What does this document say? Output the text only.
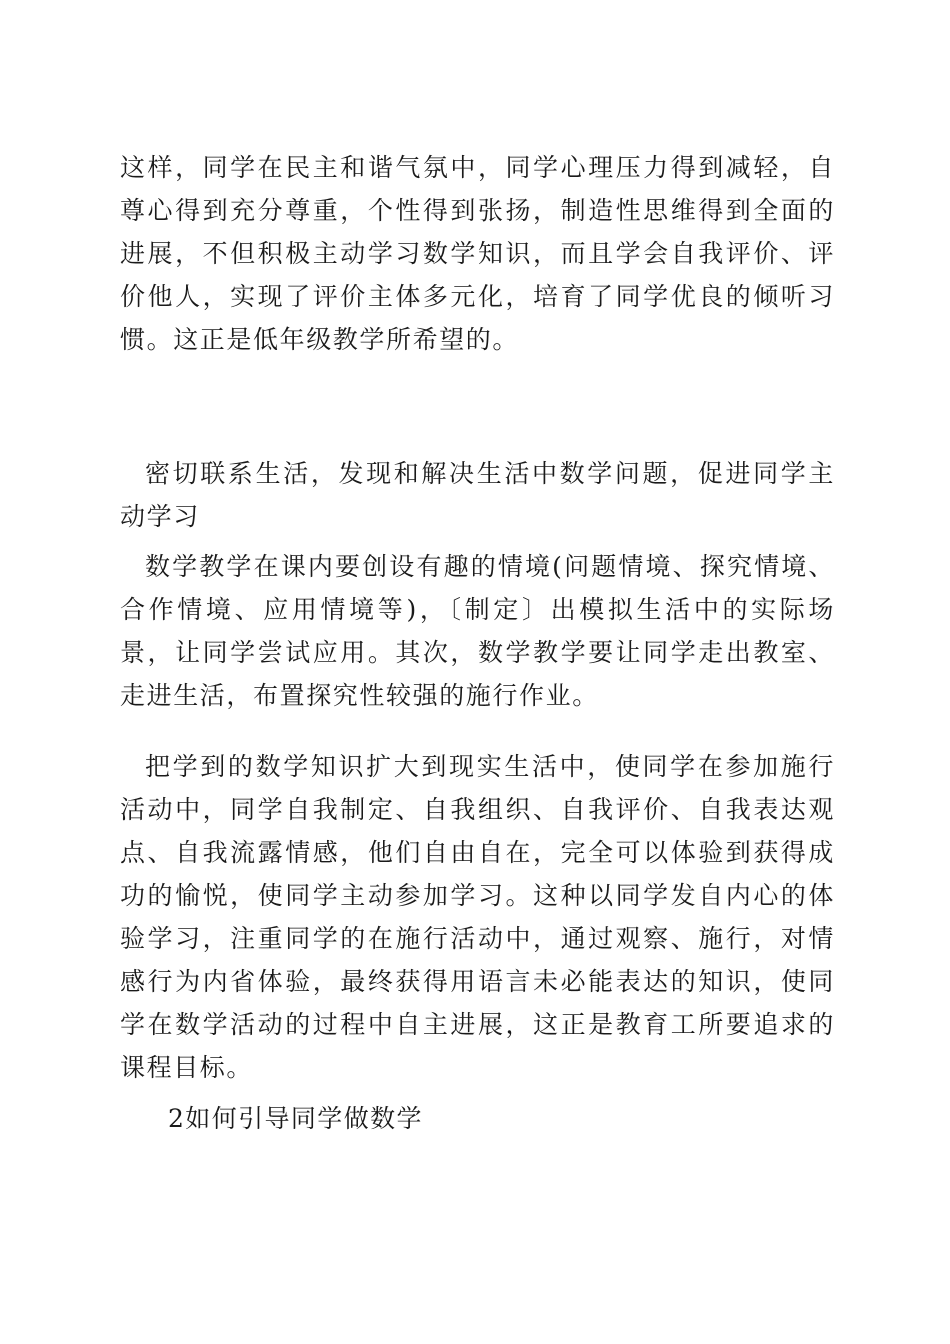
这样，同学在民主和谐气氛中，同学心理压力得到减轻，自尊心得到充分尊重，个性得到张扬，制造性思维得到全面的进展，不但积极主动学习数学知识，而且学会自我评价、评价他人，实现了评价主体多元化，培育了同学优良的倾听习惯。这正是低年级教学所希望的。

密切联系生活，发现和解决生活中数学问题，促进同学主动学习

数学教学在课内要创设有趣的情境(问题情境、探究情境、合作情境、应用情境等)，〔制定〕出模拟生活中的实际场景，让同学尝试应用。其次，数学教学要让同学走出教室、走进生活，布置探究性较强的施行作业。

把学到的数学知识扩大到现实生活中，使同学在参加施行活动中，同学自我制定、自我组织、自我评价、自我表达观点、自我流露情感，他们自由自在，完全可以体验到获得成功的愉悦，使同学主动参加学习。这种以同学发自内心的体验学习，注重同学的在施行活动中，通过观察、施行，对情感行为内省体验，最终获得用语言未必能表达的知识，使同学在数学活动的过程中自主进展，这正是教育工所要追求的课程目标。

2如何引导同学做数学
